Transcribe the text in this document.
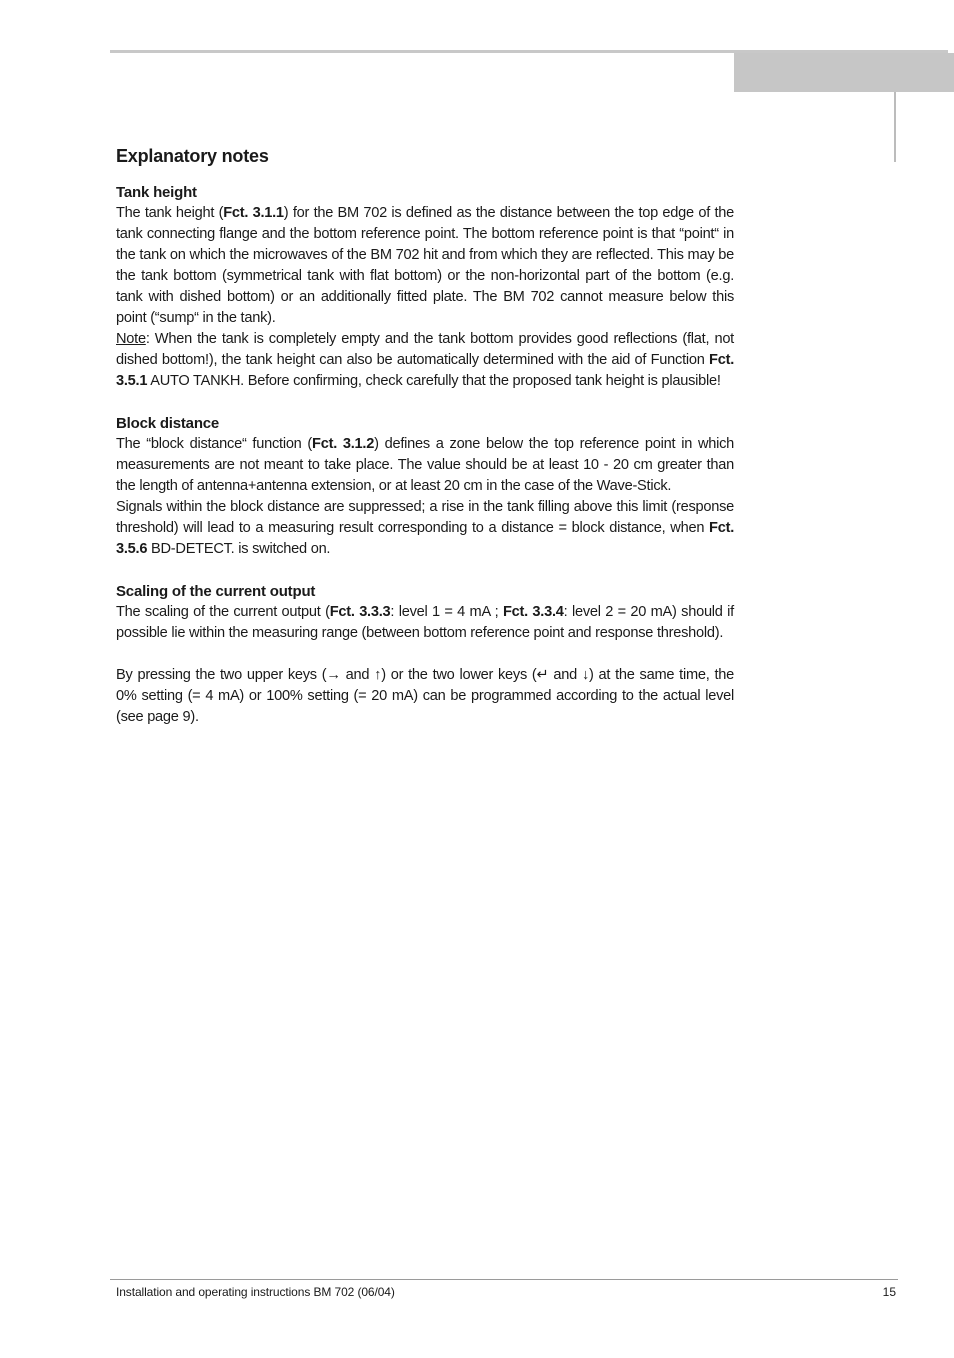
Explanatory notes
Tank height

The tank height (Fct. 3.1.1) for the BM 702 is defined as the distance between the top edge of the tank connecting flange and the bottom reference point. The bottom reference point is that “point“ in the tank on which the microwaves of the BM 702 hit and from which they are reflected. This may be the tank bottom (symmetrical tank with flat bottom) or the non-horizontal part of the bottom (e.g. tank with dished bottom) or an additionally fitted plate. The BM 702 cannot measure below this point (“sump“ in the tank).

Note: When the tank is completely empty and the tank bottom provides good reflections (flat, not dished bottom!), the tank height can also be automatically determined with the aid of Function Fct. 3.5.1 AUTO TANKH. Before confirming, check carefully that the proposed tank height is plausible!

Block distance

The “block distance“ function (Fct. 3.1.2) defines a zone below the top reference point in which measurements are not meant to take place. The value should be at least 10 - 20 cm greater than the length of antenna+antenna extension, or at least 20 cm in the case of the Wave-Stick.

Signals within the block distance are suppressed; a rise in the tank filling above this limit (response threshold) will lead to a measuring result corresponding to a distance = block distance, when Fct. 3.5.6 BD-DETECT. is switched on.

Scaling of the current output

The scaling of the current output (Fct. 3.3.3: level 1 = 4 mA ; Fct. 3.3.4: level 2 = 20 mA) should if possible lie within the measuring range (between bottom reference point and response threshold).

By pressing the two upper keys (→ and ↑) or the two lower keys (↵ and ↓) at the same time, the 0% setting (= 4 mA) or 100% setting (= 20 mA) can be programmed according to the actual level (see page 9).

Installation and operating instructions BM 702 (06/04)	15
